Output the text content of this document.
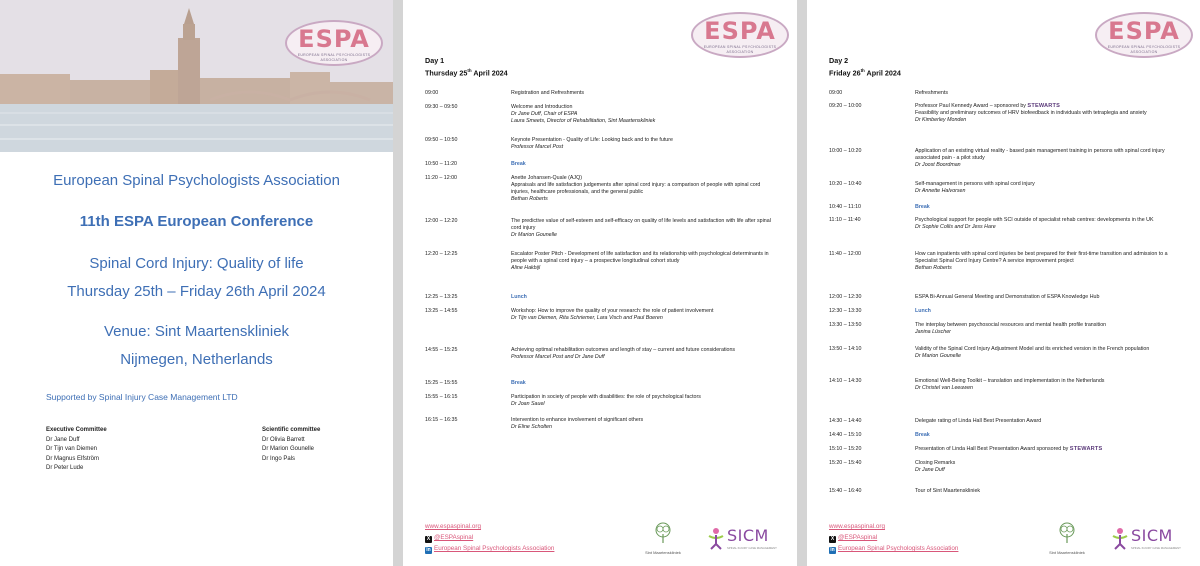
ESPA
EUROPEAN SPINAL PSYCHOLOGISTS ASSOCIATION
European Spinal Psychologists Association
11th ESPA European Conference
Spinal Cord Injury: Quality of life
Thursday 25th – Friday 26th April 2024
Venue: Sint Maartenskliniek
Nijmegen, Netherlands
Supported by Spinal Injury Case Management LTD
Executive Committee
Dr Jane Duff
Dr Tijn van Diemen
Dr Magnus Elfström
Dr Peter Lude
Scientific committee
Dr Olivia Barrett
Dr Marion Gounelle
Dr Ingo Pals
ESPA
EUROPEAN SPINAL PSYCHOLOGISTS ASSOCIATION
Day 1
Thursday 25th April 2024
09:00	Registration and Refreshments
09:30 – 09:50	Welcome and Introduction
Dr Jane Duff, Chair of ESPA
Laura Smeets, Director of Rehabilitation, Sint Maartenskliniek
09:50 – 10:50	Keynote Presentation - Quality of Life: Looking back and to the future
Professor Marcel Post
10:50 – 11:20	Break
11:20 – 12:00	Anette Johansen-Quale (AJQ)
Appraisals and life satisfaction judgements after spinal cord injury: a comparison of people with spinal cord injuries, healthcare professionals, and the general public
Bethan Roberts
12:00 – 12:20	The predictive value of self-esteem and self-efficacy on quality of life levels and satisfaction with life after spinal cord injury
Dr Marion Gounelle
12:20 – 12:25	Escalator Poster Pitch - Development of life satisfaction and its relationship with psychological determinants in people with a spinal cord injury – a prospective longitudinal cohort study
Aline Hakbijl
12:25 – 13:25	Lunch
13:25 – 14:55	Workshop: How to improve the quality of your research: the role of patient involvement
Dr Tijn van Diemen, Rita Schriemer, Lara Visch and Paul Boeren
14:55 – 15:25	Achieving optimal rehabilitation outcomes and length of stay – current and future considerations
Professor Marcel Post and Dr Jane Duff
15:25 – 15:55	Break
15:55 – 16:15	Participation in society of people with disabilities: the role of psychological factors
Dr Joan Sauel
16:15 – 16:35	Intervention to enhance involvement of significant others
Dr Eline Scholten
www.espaspinal.org
X @ESPAspinal
in European Spinal Psychologists Association
Sint Maartenskliniek
SICM
SPINAL INJURY CASE MANAGEMENT
ESPA
EUROPEAN SPINAL PSYCHOLOGISTS ASSOCIATION
Day 2
Friday 26th April 2024
09:00	Refreshments
09:20 – 10:00	Professor Paul Kennedy Award – sponsored by STEWARTS
Feasibility and preliminary outcomes of HRV biofeedback in individuals with tetraplegia and anxiety
Dr Kimberley Monden
10:00 – 10:20	Application of an existing virtual reality - based pain management training in persons with spinal cord injury associated pain - a pilot study
Dr Joost Boordman
10:20 – 10:40	Self-management in persons with spinal cord injury
Dr Annette Halvorsen
10:40 – 11:10	Break
11:10 – 11:40	Psychological support for people with SCI outside of specialist rehab centres: developments in the UK
Dr Sophie Collis and Dr Jess Hare
11:40 – 12:00	How can inpatients with spinal cord injuries be best prepared for their first-time transition and admission to a Specialist Spinal Cord Injury Centre? A service improvement project
Bethan Roberts
12:00 – 12:30	ESPA Bi-Annual General Meeting and Demonstration of ESPA Knowledge Hub
12:30 – 13:30	Lunch
13:30 – 13:50	The interplay between psychosocial resources and mental health profile transition
Janina Lüscher
13:50 – 14:10	Validity of the Spinal Cord Injury Adjustment Model and its enriched version in the French population
Dr Marion Gounelle
14:10 – 14:30	Emotional Well-Being Toolkit – translation and implementation in the Netherlands
Dr Christel van Leeuwen
14:30 – 14:40	Delegate rating of Linda Hall Best Presentation Award
14:40 – 15:10	Break
15:10 – 15:20	Presentation of Linda Hall Best Presentation Award sponsored by STEWARTS
15:20 – 15:40	Closing Remarks
Dr Jane Duff
15:40 – 16:40	Tour of Sint Maartenskliniek
www.espaspinal.org
X @ESPAspinal
in European Spinal Psychologists Association
Sint Maartenskliniek
SICM
SPINAL INJURY CASE MANAGEMENT
